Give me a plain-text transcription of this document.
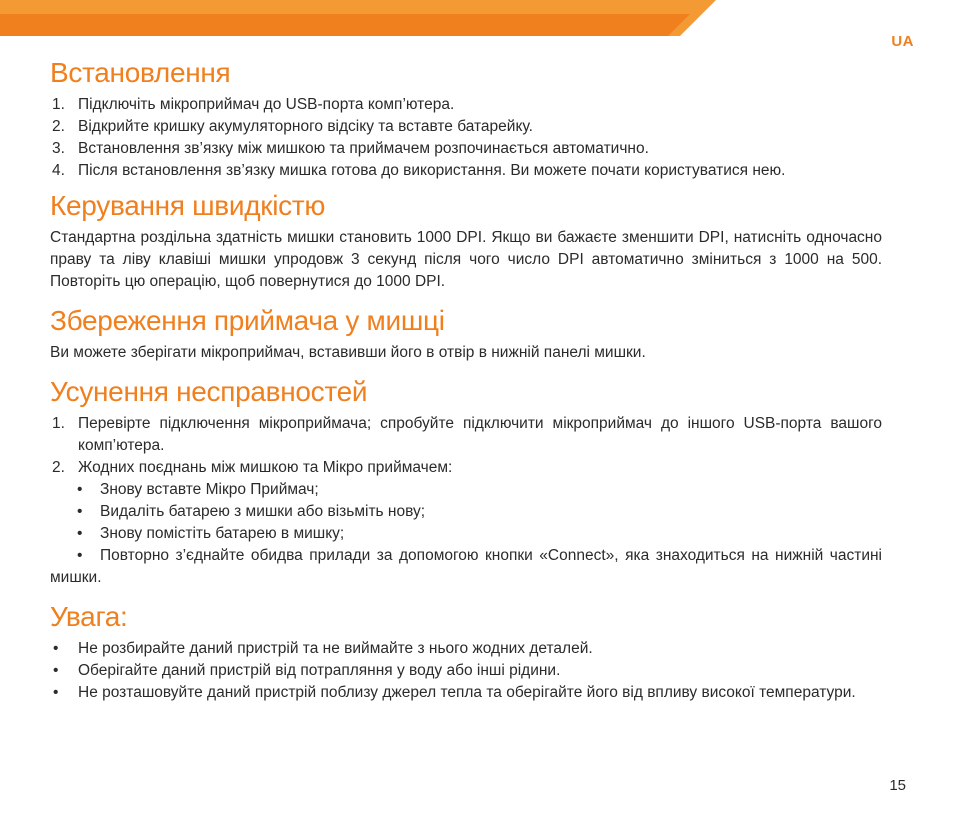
UA
Встановлення
1. Підключіть мікроприймач до USB-порта комп’ютера.
2. Відкрийте кришку акумуляторного відсіку та вставте батарейку.
3. Встановлення зв’язку між мишкою та приймачем розпочинається автоматично.
4. Після встановлення зв’язку мишка готова до використання. Ви можете почати користуватися нею.
Керування швидкістю

Стандартна роздільна здатність мишки становить 1000 DPI. Якщо ви бажаєте зменшити DPI, натисніть одночасно праву та ліву клавіші мишки упродовж 3 секунд після чого число DPI автоматично зміниться з 1000 на 500. Повторіть цю операцію, щоб повернутися до 1000 DPI.

Збереження приймача у мишці

Ви можете зберігати мікроприймач, вставивши його в отвір в нижній панелі мишки.

Усунення несправностей
1. Перевірте підключення мікроприймача; спробуйте підключити мікроприймач до іншого USB-порта вашого комп’ютера.
2. Жодних поєднань між мишкою та Мікро приймачем:
• Знову вставте Мікро Приймач;
• Видаліть батарею з мишки або візьміть нову;
• Знову помістіть батарею в мишку;
• Повторно з’єднайте обидва прилади за допомогою кнопки «Connect», яка знаходиться на нижній частині мишки.
Увага:
• Не розбирайте даний пристрій та не виймайте з нього жодних деталей.
• Оберігайте даний пристрій від потрапляння у воду або інші рідини.
• Не розташовуйте даний пристрій поблизу джерел тепла та оберігайте його від впливу високої температури.
15
